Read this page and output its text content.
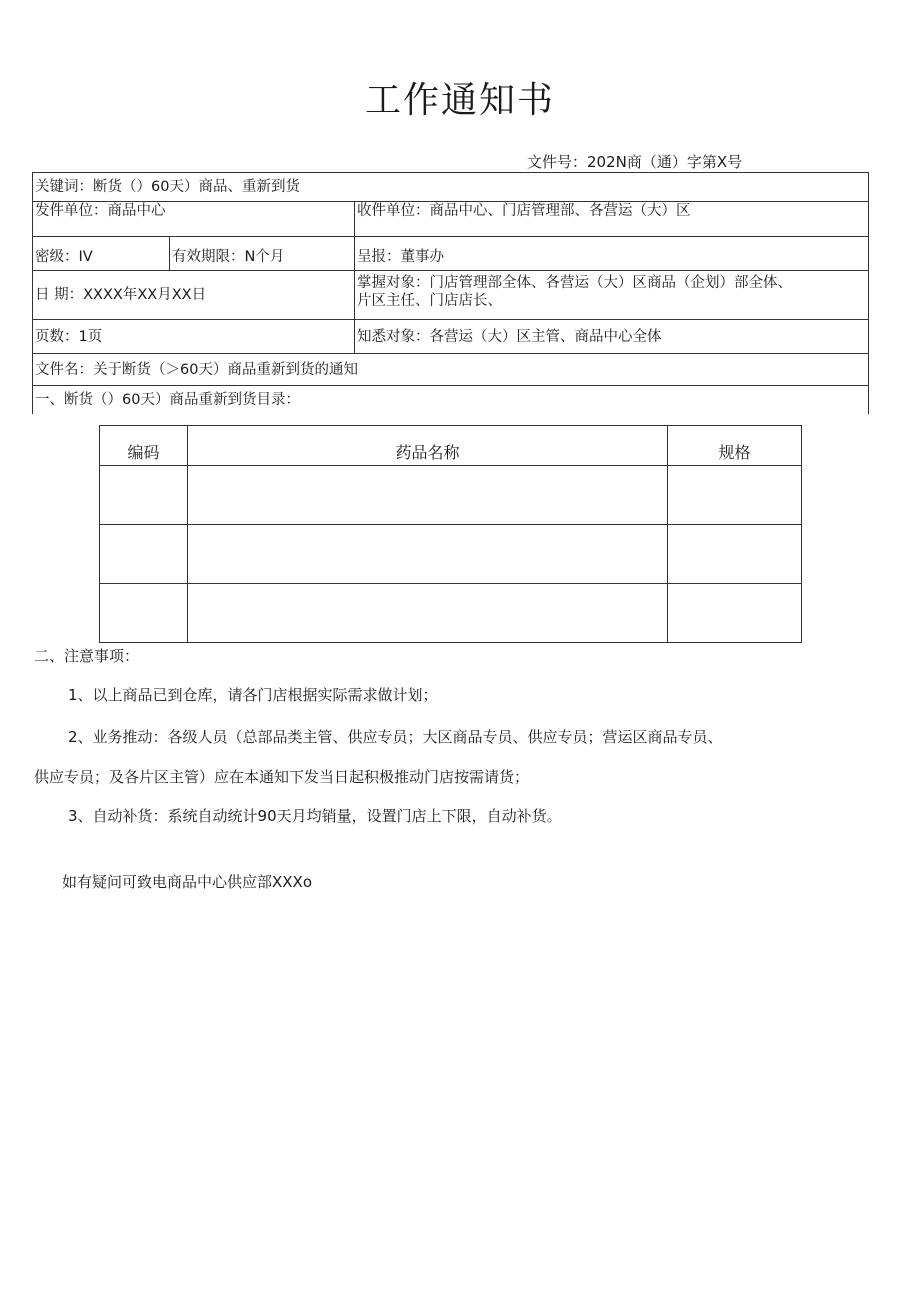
工作通知书
文件号：202N商（通）字第X号
关键词：断货（）60天）商品、重新到货		
发件单位：商品中心		收件单位：商品中心、门店管理部、各营运（大）区
密级：IV	有效期限：N个月	呈报：董事办
日 期：XXXX年XX月XX日		掌握对象：门店管理部全体、各营运（大）区商品（企划）部全体、
片区主任、门店店长、

页数：1页		知悉对象：各营运（大）区主管、商品中心全体
文件名：关于断货（＞60天）商品重新到货的通知		
一、断货（）60天）商品重新到货目录：		
编码	药品名称	规格

二、注意事项：
1、以上商品已到仓库，请各门店根据实际需求做计划；
2、业务推动：各级人员（总部品类主管、供应专员；大区商品专员、供应专员；营运区商品专员、
供应专员；及各片区主管）应在本通知下发当日起积极推动门店按需请货；
3、自动补货：系统自动统计90天月均销量，设置门店上下限，自动补货。
如有疑问可致电商品中心供应部XXXo
